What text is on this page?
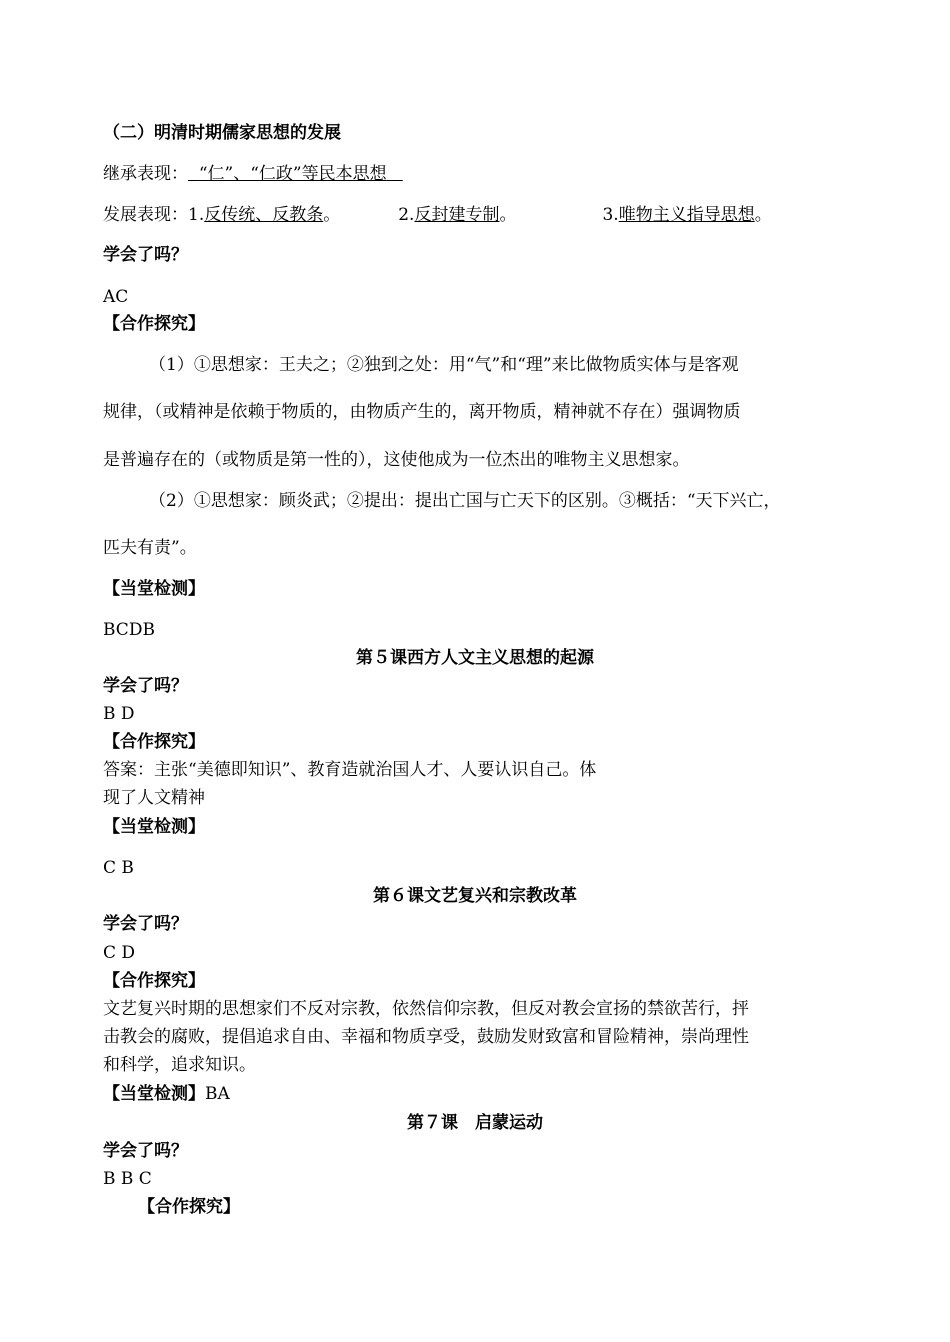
（二）明清时期儒家思想的发展
继承表现： “仁”、“仁政”等民本思想
发展表现：1.反传统、反教条。	2.反封建专制。	3.唯物主义指导思想。
学会了吗？
AC
【合作探究】
（1）①思想家：王夫之；②独到之处：用“气”和“理”来比做物质实体与是客观
规律，（或精神是依赖于物质的，由物质产生的，离开物质，精神就不存在）强调物质
是普遍存在的（或物质是第一性的），这使他成为一位杰出的唯物主义思想家。
（2）①思想家：顾炎武；②提出：提出亡国与亡天下的区别。③概括：“天下兴亡，
匹夫有责”。
【当堂检测】
BCDB
第５课西方人文主义思想的起源
学会了吗？
B D
【合作探究】
答案：主张“美德即知识”、教育造就治国人才、人要认识自己。体
现了人文精神
【当堂检测】
C B
第６课文艺复兴和宗教改革
学会了吗？
C D
【合作探究】
文艺复兴时期的思想家们不反对宗教，依然信仰宗教，但反对教会宣扬的禁欲苦行，抨
击教会的腐败，提倡追求自由、幸福和物质享受，鼓励发财致富和冒险精神，崇尚理性
和科学，追求知识。
【当堂检测】BA
第７课　启蒙运动
学会了吗？
B B C
【合作探究】
